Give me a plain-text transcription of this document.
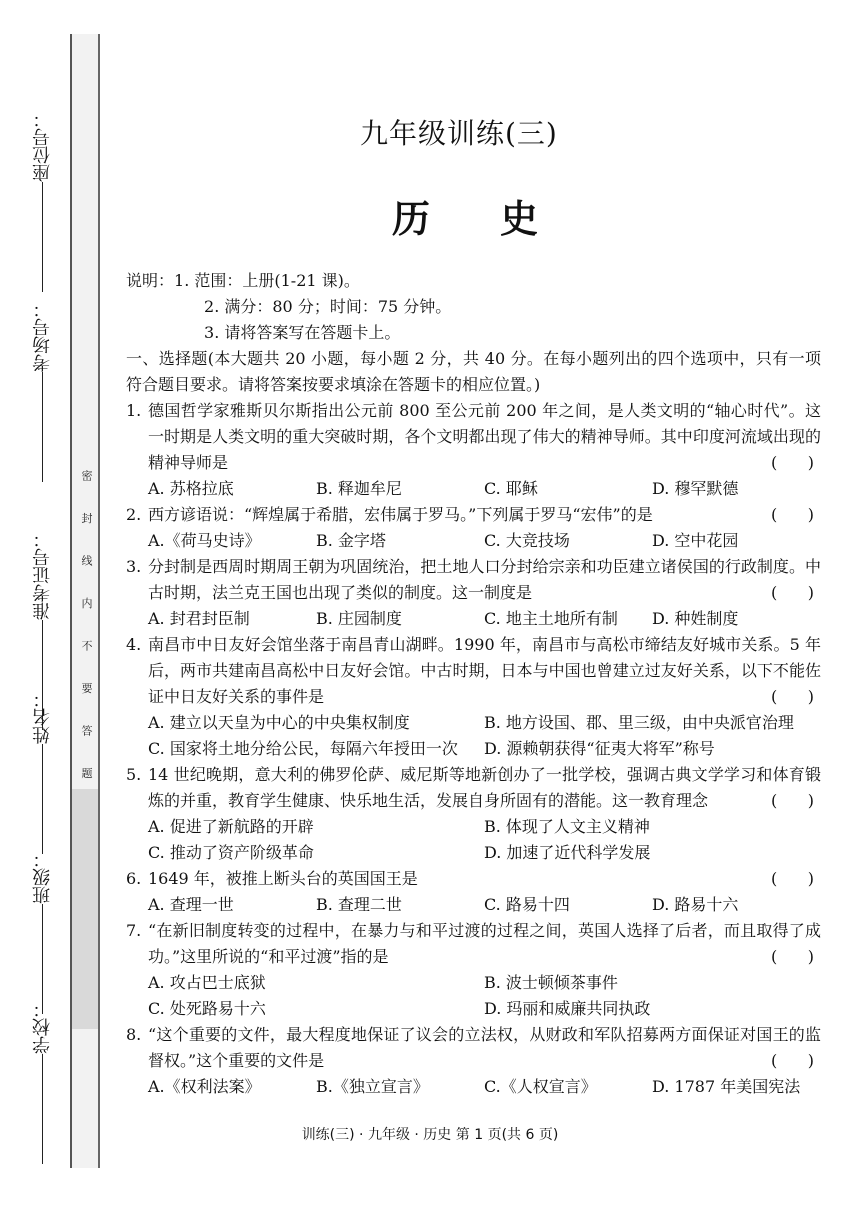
密 封 线 内 不 要 答 题
座位号：
考场号：
准考证号：
姓名：
班级：
学校：
九年级训练(三)
历史
说明： 1. 范围：上册(1-21 课)。
2. 满分：80 分；时间：75 分钟。
3. 请将答案写在答题卡上。
一、选择题(本大题共 20 小题，每小题 2 分，共 40 分。在每小题列出的四个选项中，只有一项符合题目要求。请将答案按要求填涂在答题卡的相应位置。)
1. 德国哲学家雅斯贝尔斯指出公元前 800 至公元前 200 年之间，是人类文明的“轴心时代”。这一时期是人类文明的重大突破时期，各个文明都出现了伟大的精神导师。其中印度河流域出现的精神导师是	(      )
A. 苏格拉底	B. 释迦牟尼	C. 耶稣	D. 穆罕默德
2. 西方谚语说：“辉煌属于希腊，宏伟属于罗马。”下列属于罗马“宏伟”的是	(      )
A.《荷马史诗》	B. 金字塔	C. 大竞技场	D. 空中花园
3. 分封制是西周时期周王朝为巩固统治，把土地人口分封给宗亲和功臣建立诸侯国的行政制度。中古时期，法兰克王国也出现了类似的制度。这一制度是	(      )
A. 封君封臣制	B. 庄园制度	C. 地主土地所有制	D. 种姓制度
4. 南昌市中日友好会馆坐落于南昌青山湖畔。1990 年，南昌市与高松市缔结友好城市关系。5 年后，两市共建南昌高松中日友好会馆。中古时期，日本与中国也曾建立过友好关系，以下不能佐证中日友好关系的事件是	(      )
A. 建立以天皇为中心的中央集权制度	B. 地方设国、郡、里三级，由中央派官治理
C. 国家将土地分给公民，每隔六年授田一次	D. 源赖朝获得“征夷大将军”称号
5. 14 世纪晚期，意大利的佛罗伦萨、威尼斯等地新创办了一批学校，强调古典文学学习和体育锻炼的并重，教育学生健康、快乐地生活，发展自身所固有的潜能。这一教育理念	(      )
A. 促进了新航路的开辟	B. 体现了人文主义精神
C. 推动了资产阶级革命	D. 加速了近代科学发展
6. 1649 年，被推上断头台的英国国王是	(      )
A. 查理一世	B. 查理二世	C. 路易十四	D. 路易十六
7. “在新旧制度转变的过程中，在暴力与和平过渡的过程之间，英国人选择了后者，而且取得了成功。”这里所说的“和平过渡”指的是	(      )
A. 攻占巴士底狱	B. 波士顿倾茶事件
C. 处死路易十六	D. 玛丽和威廉共同执政
8. “这个重要的文件，最大程度地保证了议会的立法权，从财政和军队招募两方面保证对国王的监督权。”这个重要的文件是	(      )
A.《权利法案》	B.《独立宣言》	C.《人权宣言》	D. 1787 年美国宪法
训练(三) · 九年级 · 历史 第 1 页(共 6 页)
